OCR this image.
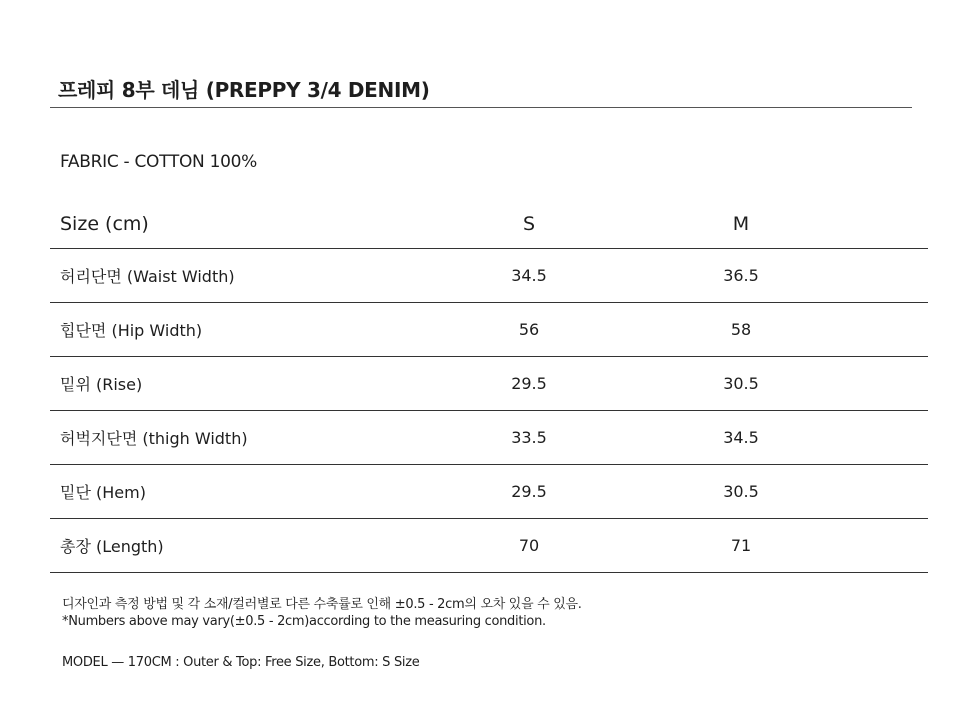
프레피 8부 데님 (PREPPY 3/4 DENIM)
FABRIC - COTTON 100%
Size (cm)	S	M	
허리단면 (Waist Width)	34.5	36.5	
힙단면 (Hip Width)	56	58	
밑위 (Rise)	29.5	30.5	
허벅지단면 (thigh Width)	33.5	34.5	
밑단 (Hem)	29.5	30.5	
총장 (Length)	70	71	
디자인과 측정 방법 및 각 소재/컬러별로 다른 수축률로 인해 ±0.5 - 2cm의 오차 있을 수 있음.
*Numbers above may vary(±0.5 - 2cm)according to the measuring condition.
MODEL — 170CM : Outer & Top: Free Size, Bottom: S Size
